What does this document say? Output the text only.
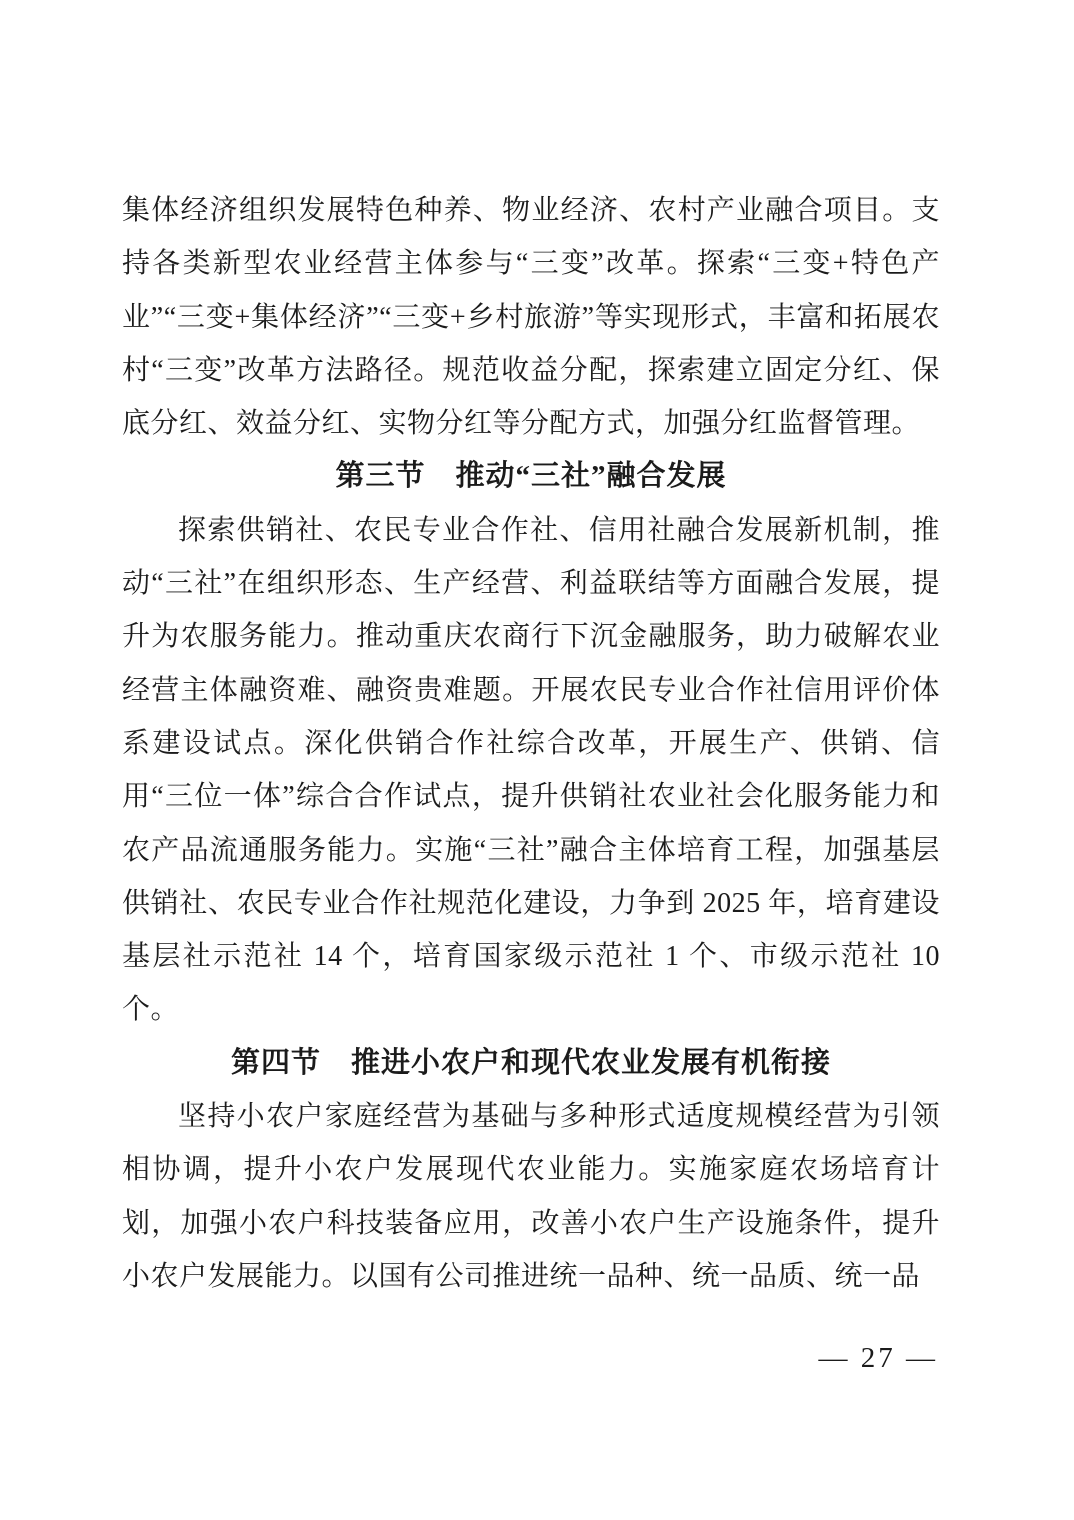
集体经济组织发展特色种养、物业经济、农村产业融合项目。支持各类新型农业经营主体参与“三变”改革。探索“三变+特色产业”“三变+集体经济”“三变+乡村旅游”等实现形式，丰富和拓展农村“三变”改革方法路径。规范收益分配，探索建立固定分红、保底分红、效益分红、实物分红等分配方式，加强分红监督管理。

第三节　推动“三社”融合发展

探索供销社、农民专业合作社、信用社融合发展新机制，推动“三社”在组织形态、生产经营、利益联结等方面融合发展，提升为农服务能力。推动重庆农商行下沉金融服务，助力破解农业经营主体融资难、融资贵难题。开展农民专业合作社信用评价体系建设试点。深化供销合作社综合改革，开展生产、供销、信用“三位一体”综合合作试点，提升供销社农业社会化服务能力和农产品流通服务能力。实施“三社”融合主体培育工程，加强基层供销社、农民专业合作社规范化建设，力争到 2025 年，培育建设基层社示范社 14 个，培育国家级示范社 1 个、市级示范社 10 个。

第四节　推进小农户和现代农业发展有机衔接

坚持小农户家庭经营为基础与多种形式适度规模经营为引领相协调，提升小农户发展现代农业能力。实施家庭农场培育计划，加强小农户科技装备应用，改善小农户生产设施条件，提升小农户发展能力。以国有公司推进统一品种、统一品质、统一品

— 27 —
